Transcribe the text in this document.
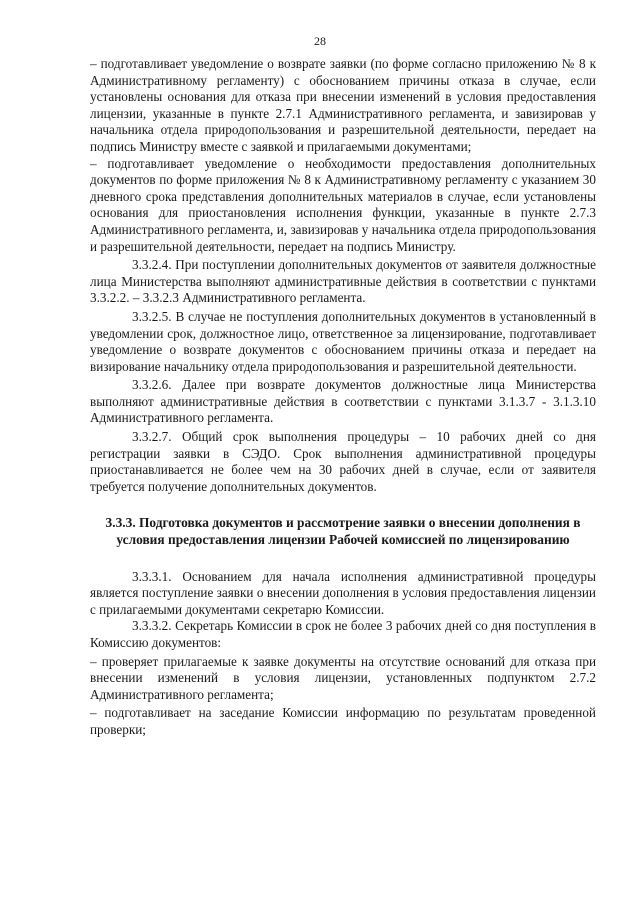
28

– подготавливает уведомление о возврате заявки (по форме согласно приложению № 8 к Административному регламенту) с обоснованием причины отказа в случае, если установлены основания для отказа при внесении изменений в условия предоставления лицензии, указанные в пункте 2.7.1 Административного регламента, и завизировав у начальника отдела природопользования и разрешительной деятельности, передает на подпись Министру вместе с заявкой и прилагаемыми документами;

– подготавливает уведомление о необходимости предоставления дополнительных документов по форме приложения № 8 к Административному регламенту с указанием 30 дневного срока представления дополнительных материалов в случае, если установлены основания для приостановления исполнения функции, указанные в пункте 2.7.3 Административного регламента, и, завизировав у начальника отдела природопользования и разрешительной деятельности, передает на подпись Министру.

3.3.2.4. При поступлении дополнительных документов от заявителя должностные лица Министерства выполняют административные действия в соответствии с пунктами 3.3.2.2. – 3.3.2.3 Административного регламента.

3.3.2.5. В случае не поступления дополнительных документов в установленный в уведомлении срок, должностное лицо, ответственное за лицензирование, подготавливает уведомление о возврате документов с обоснованием причины отказа и передает на визирование начальнику отдела природопользования и разрешительной деятельности.

3.3.2.6. Далее при возврате документов должностные лица Министерства выполняют административные действия в соответствии с пунктами 3.1.3.7 - 3.1.3.10 Административного регламента.

3.3.2.7. Общий срок выполнения процедуры – 10 рабочих дней со дня регистрации заявки в СЭДО. Срок выполнения административной процедуры приостанавливается не более чем на 30 рабочих дней в случае, если от заявителя требуется получение дополнительных документов.

3.3.3. Подготовка документов и рассмотрение заявки о внесении дополнения в условия предоставления лицензии Рабочей комиссией по лицензированию

3.3.3.1. Основанием для начала исполнения административной процедуры является поступление заявки о внесении дополнения в условия предоставления лицензии с прилагаемыми документами секретарю Комиссии.

3.3.3.2. Секретарь Комиссии в срок не более 3 рабочих дней со дня поступления в Комиссию документов:

– проверяет прилагаемые к заявке документы на отсутствие оснований для отказа при внесении изменений в условия лицензии, установленных подпунктом 2.7.2 Административного регламента;

– подготавливает на заседание Комиссии информацию по результатам проведенной проверки;
